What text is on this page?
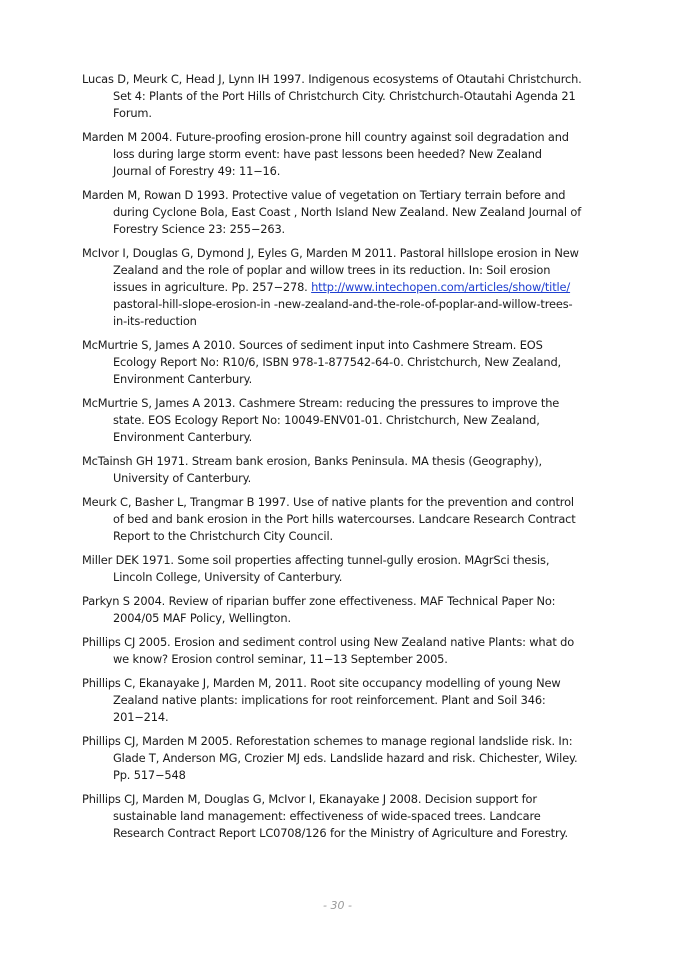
Lucas D, Meurk C, Head J, Lynn IH 1997. Indigenous ecosystems of Otautahi Christchurch. Set 4: Plants of the Port Hills of Christchurch City. Christchurch-Otautahi Agenda 21 Forum.
Marden M 2004. Future-proofing erosion-prone hill country against soil degradation and loss during large storm event: have past lessons been heeded? New Zealand Journal of Forestry 49: 11−16.
Marden M, Rowan D 1993. Protective value of vegetation on Tertiary terrain before and during Cyclone Bola, East Coast , North Island New Zealand. New Zealand Journal of Forestry Science 23: 255−263.
McIvor I, Douglas G, Dymond J, Eyles G, Marden M 2011. Pastoral hillslope erosion in New Zealand and the role of poplar and willow trees in its reduction. In: Soil erosion issues in agriculture. Pp. 257−278. http://www.intechopen.com/articles/show/title/ pastoral-hill-slope-erosion-in -new-zealand-and-the-role-of-poplar-and-willow-trees-in-its-reduction
McMurtrie S, James A 2010. Sources of sediment input into Cashmere Stream. EOS Ecology Report No: R10/6, ISBN 978-1-877542-64-0. Christchurch, New Zealand, Environment Canterbury.
McMurtrie S, James A 2013. Cashmere Stream: reducing the pressures to improve the state. EOS Ecology Report No: 10049-ENV01-01. Christchurch, New Zealand, Environment Canterbury.
McTainsh GH 1971. Stream bank erosion, Banks Peninsula. MA thesis (Geography), University of Canterbury.
Meurk C, Basher L, Trangmar B 1997. Use of native plants for the prevention and control of bed and bank erosion in the Port hills watercourses. Landcare Research Contract Report to the Christchurch City Council.
Miller DEK 1971. Some soil properties affecting tunnel-gully erosion. MAgrSci thesis, Lincoln College, University of Canterbury.
Parkyn S 2004. Review of riparian buffer zone effectiveness. MAF Technical Paper No: 2004/05 MAF Policy, Wellington.
Phillips CJ 2005. Erosion and sediment control using New Zealand native Plants: what do we know? Erosion control seminar, 11−13 September 2005.
Phillips C, Ekanayake J, Marden M, 2011. Root site occupancy modelling of young New Zealand native plants: implications for root reinforcement. Plant and Soil 346: 201−214.
Phillips CJ, Marden M 2005. Reforestation schemes to manage regional landslide risk. In: Glade T, Anderson MG, Crozier MJ eds. Landslide hazard and risk. Chichester, Wiley. Pp. 517−548
Phillips CJ, Marden M, Douglas G, McIvor I, Ekanayake J 2008. Decision support for sustainable land management: effectiveness of wide-spaced trees. Landcare Research Contract Report LC0708/126 for the Ministry of Agriculture and Forestry.
- 30 -
